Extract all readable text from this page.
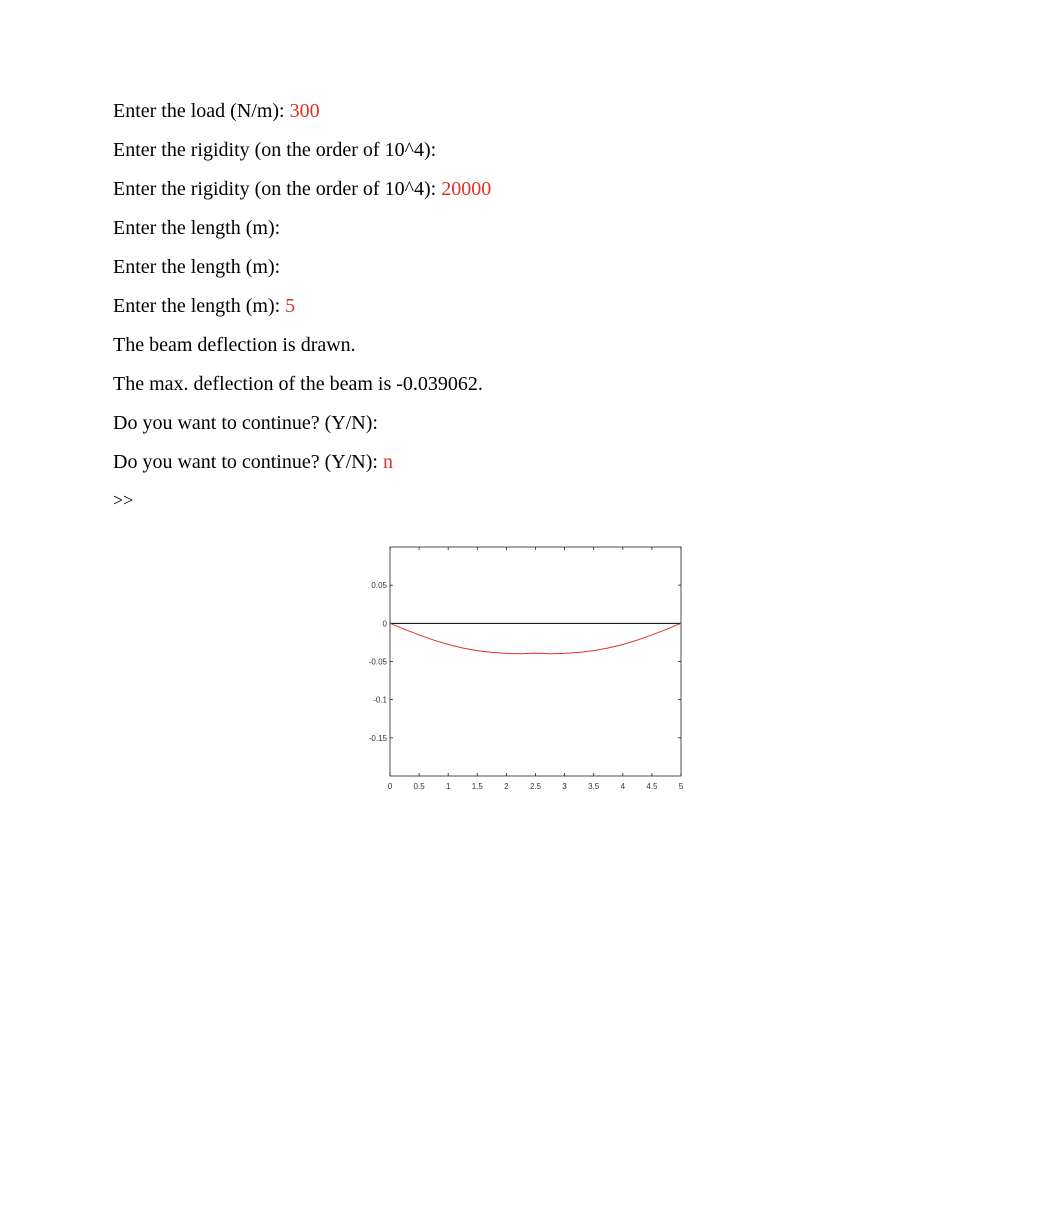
Enter the load (N/m): 300
Enter the rigidity (on the order of 10^4):
Enter the rigidity (on the order of 10^4): 20000
Enter the length (m):
Enter the length (m):
Enter the length (m): 5
The beam deflection is drawn.
The max. deflection of the beam is -0.039062.
Do you want to continue? (Y/N):
Do you want to continue? (Y/N): n
>>
0	0.5	1	1.5	2	2.5	3	3.5	4	4.5	5
0.05
0
-0.05
-0.1
-0.15
